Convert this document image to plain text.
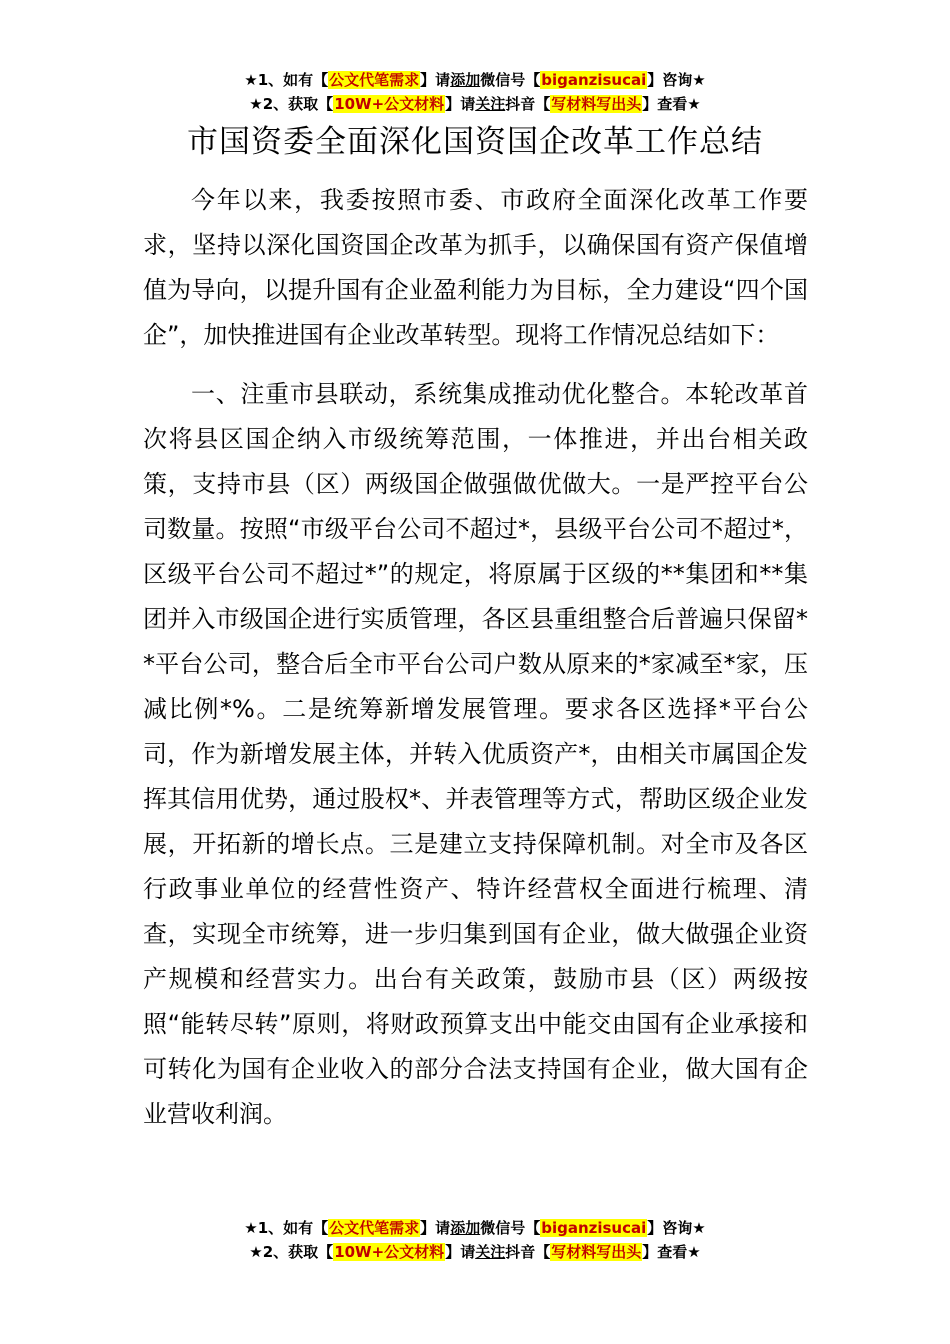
★1、如有【公文代笔需求】请添加微信号【biganzisucai】咨询★
★2、获取【10W+公文材料】请关注抖音【写材料写出头】查看★
市国资委全面深化国资国企改革工作总结

今年以来，我委按照市委、市政府全面深化改革工作要求，坚持以深化国资国企改革为抓手，以确保国有资产保值增值为导向，以提升国有企业盈利能力为目标，全力建设“四个国企”，加快推进国有企业改革转型。现将工作情况总结如下：

一、注重市县联动，系统集成推动优化整合。本轮改革首次将县区国企纳入市级统筹范围，一体推进，并出台相关政策，支持市县（区）两级国企做强做优做大。一是严控平台公司数量。按照“市级平台公司不超过*，县级平台公司不超过*，区级平台公司不超过*”的规定，将原属于区级的**集团和**集团并入市级国企进行实质管理，各区县重组整合后普遍只保留**平台公司，整合后全市平台公司户数从原来的*家减至*家，压减比例*%。二是统筹新增发展管理。要求各区选择*平台公司，作为新增发展主体，并转入优质资产*，由相关市属国企发挥其信用优势，通过股权*、并表管理等方式，帮助区级企业发展，开拓新的增长点。三是建立支持保障机制。对全市及各区行政事业单位的经营性资产、特许经营权全面进行梳理、清查，实现全市统筹，进一步归集到国有企业，做大做强企业资产规模和经营实力。出台有关政策，鼓励市县（区）两级按照“能转尽转”原则，将财政预算支出中能交由国有企业承接和可转化为国有企业收入的部分合法支持国有企业，做大国有企业营收利润。

★1、如有【公文代笔需求】请添加微信号【biganzisucai】咨询★
★2、获取【10W+公文材料】请关注抖音【写材料写出头】查看★
